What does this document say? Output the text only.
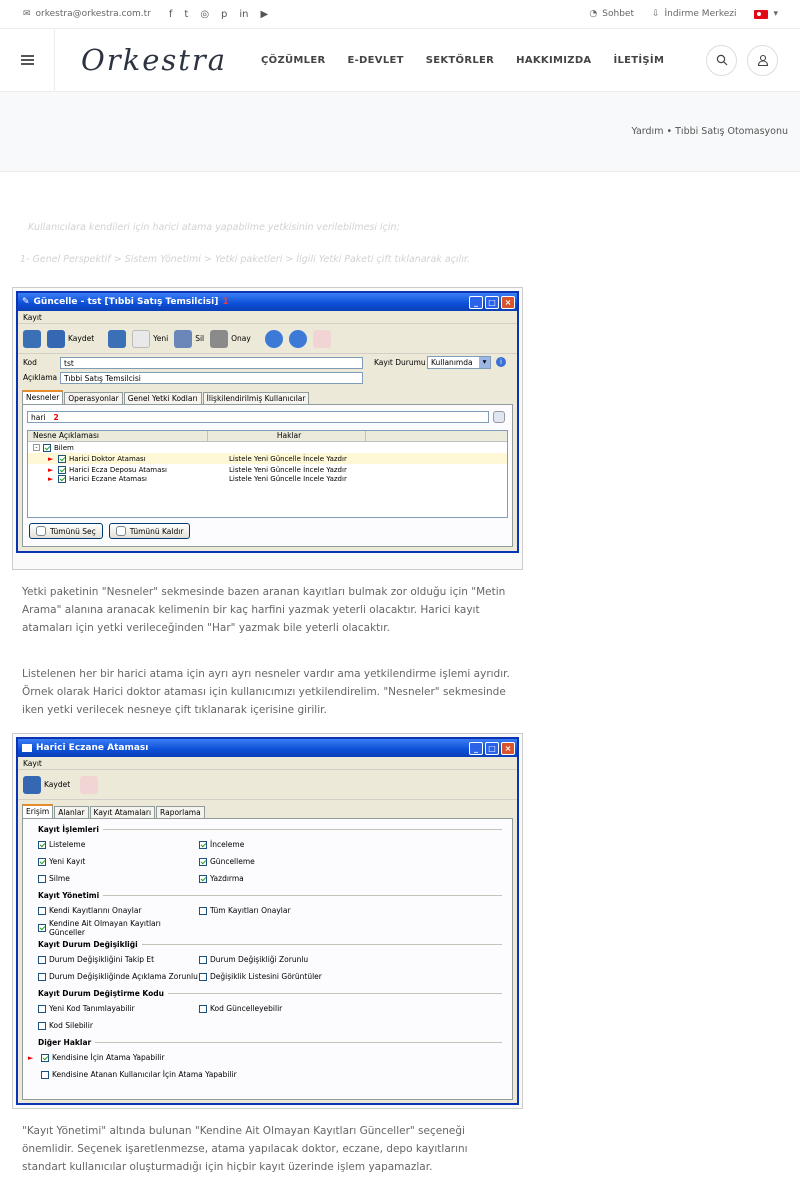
✉ orkestra@orkestra.com.tr f t ◎ p in ▶	◔ Sohbet ⇩ İndirme Merkezi	▾
Orkestra	ÇÖZÜMLER E-DEVLET SEKTÖRLER HAKKIMIZDA İLETİŞİM
Yardım
•
Tıbbi Satış Otomasyonu

Kullanıcılara kendileri için harici atama yapabilme yetkisinin verilebilmesi için;

1- Genel Perspektif > Sistem Yönetimi > Yetki paketleri > İlgili Yetki Paketi çift tıklanarak açılır.

✎ Güncelle - tst [Tıbbi Satış Temsilcisi] 1	_	□	×
Kayıt
Kaydet	Yeni	Sil	Onay
Kod	tst
Açıklama Tıbbi Satış Temsilcisi
Kayıt Durumu Kullanımda	▾	i
Nesneler	Operasyonlar	Genel Yetki Kodları	İlişkilendirilmiş Kullanıcılar
hari 2
Nesne Açıklaması	Haklar
-	Bilem
►	Harici Doktor Ataması	Listele Yeni Güncelle İncele Yazdır
►	Harici Ecza Deposu Ataması	Listele Yeni Güncelle İncele Yazdır
►	Harici Eczane Ataması	Listele Yeni Güncelle İncele Yazdır
Tümünü Seç	Tümünü Kaldır

Yetki paketinin "Nesneler" sekmesinde bazen aranan kayıtları bulmak zor olduğu için "Metin Arama" alanına aranacak kelimenin bir kaç harfini yazmak yeterli olacaktır. Harici kayıt atamaları için yetki verileceğinden "Har" yazmak bile yeterli olacaktır.

Listelenen her bir harici atama için ayrı ayrı nesneler vardır ama yetkilendirme işlemi ayrıdır. Örnek olarak Harici doktor ataması için kullanıcımızı yetkilendirelim. "Nesneler" sekmesinde iken yetki verilecek nesneye çift tıklanarak içerisine girilir.

Harici Eczane Ataması	_	□	×
Kayıt
Kaydet
Erişim	Alanlar	Kayıt Atamaları	Raporlama
Kayıt İşlemleri
Listeleme
Yeni Kayıt
Silme
İnceleme
Güncelleme
Yazdırma
Kayıt Yönetimi
Kendi Kayıtlarını Onaylar
Kendine Ait Olmayan Kayıtları Günceller
Tüm Kayıtları Onaylar
Kayıt Durum Değişikliği
Durum Değişikliğini Takip Et
Durum Değişikliğinde Açıklama Zorunlu
Durum Değişikliği Zorunlu
Değişiklik Listesini Görüntüler
Kayıt Durum Değiştirme Kodu
Yeni Kod Tanımlayabilir
Kod Silebilir
Kod Güncelleyebilir
Diğer Haklar
►	Kendisine İçin Atama Yapabilir
Kendisine Atanan Kullanıcılar İçin Atama Yapabilir

"Kayıt Yönetimi" altında bulunan "Kendine Ait Olmayan Kayıtları Günceller" seçeneği önemlidir. Seçenek işaretlenmezse, atama yapılacak doktor, eczane, depo kayıtlarını standart kullanıcılar oluşturmadığı için hiçbir kayıt üzerinde işlem yapamazlar.
